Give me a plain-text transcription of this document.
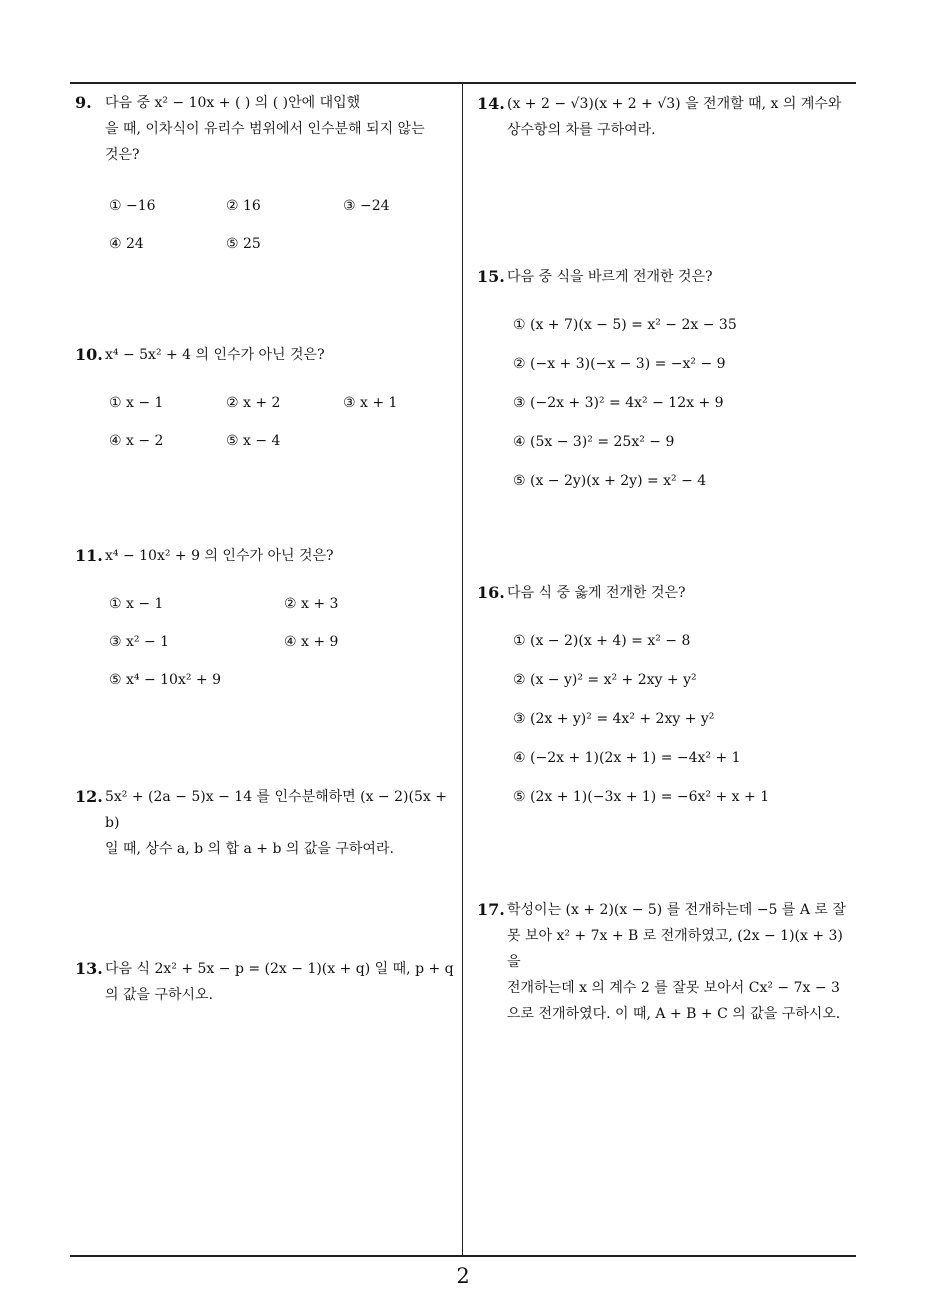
9. 다음 중 x² − 10x + ( ) 의 ( )안에 대입했

을 때, 이차식이 유리수 범위에서 인수분해 되지 않는

것은?

① −16	② 16	③ −24
④ 24	⑤ 25
10. x⁴ − 5x² + 4 의 인수가 아닌 것은?

① x − 1	② x + 2	③ x + 1
④ x − 2	⑤ x − 4
11. x⁴ − 10x² + 9 의 인수가 아닌 것은?

① x − 1	② x + 3
③ x² − 1	④ x + 9
⑤ x⁴ − 10x² + 9
12. 5x² + (2a − 5)x − 14 를 인수분해하면 (x − 2)(5x + b)

일 때, 상수 a, b 의 합 a + b 의 값을 구하여라.

13. 다음 식 2x² + 5x − p = (2x − 1)(x + q) 일 때, p + q

의 값을 구하시오.

14. (x + 2 − √3)(x + 2 + √3) 을 전개할 때, x 의 계수와

상수항의 차를 구하여라.

15. 다음 중 식을 바르게 전개한 것은?

① (x + 7)(x − 5) = x² − 2x − 35
② (−x + 3)(−x − 3) = −x² − 9
③ (−2x + 3)² = 4x² − 12x + 9
④ (5x − 3)² = 25x² − 9
⑤ (x − 2y)(x + 2y) = x² − 4
16. 다음 식 중 옳게 전개한 것은?

① (x − 2)(x + 4) = x² − 8
② (x − y)² = x² + 2xy + y²
③ (2x + y)² = 4x² + 2xy + y²
④ (−2x + 1)(2x + 1) = −4x² + 1
⑤ (2x + 1)(−3x + 1) = −6x² + x + 1
17. 학성이는 (x + 2)(x − 5) 를 전개하는데 −5 를 A 로 잘

못 보아 x² + 7x + B 로 전개하였고, (2x − 1)(x + 3) 을

전개하는데 x 의 계수 2 를 잘못 보아서 Cx² − 7x − 3

으로 전개하였다. 이 때, A + B + C 의 값을 구하시오.

2
